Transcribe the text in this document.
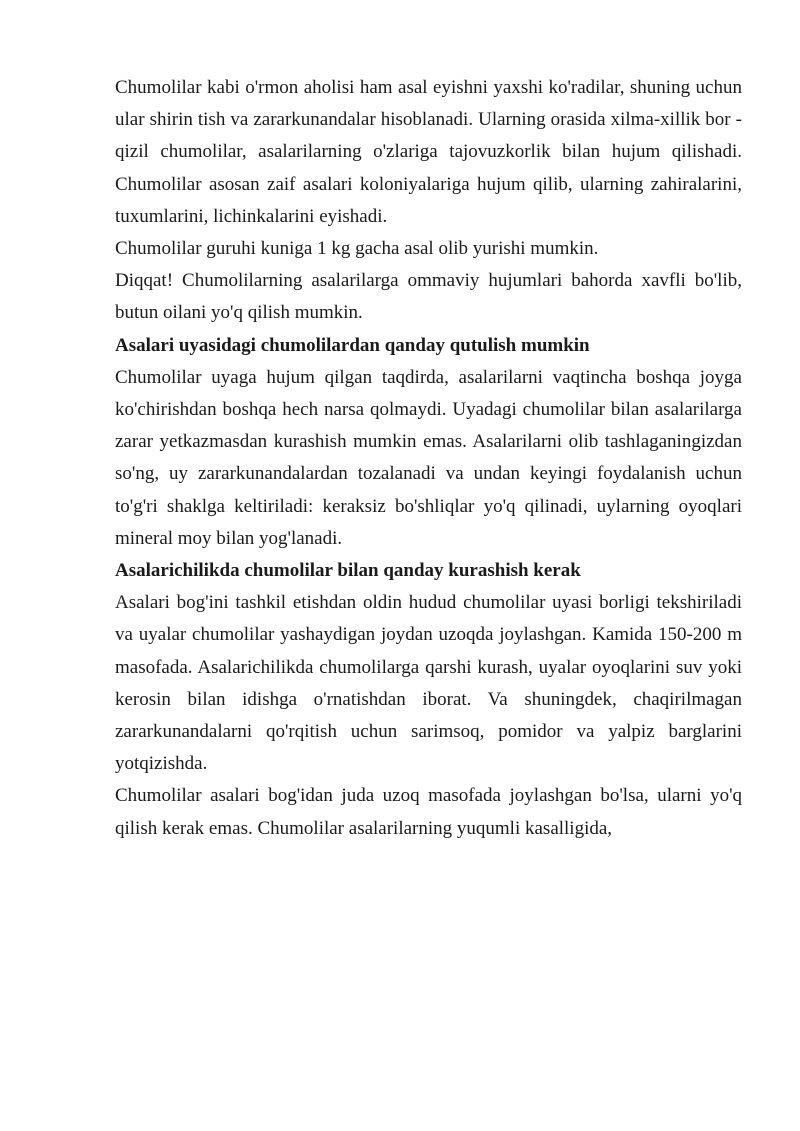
Chumolilar kabi o'rmon aholisi ham asal eyishni yaxshi ko'radilar, shuning uchun ular shirin tish va zararkunandalar hisoblanadi. Ularning orasida xilma-xillik bor - qizil chumolilar, asalarilarning o'zlariga tajovuzkorlik bilan hujum qilishadi. Chumolilar asosan zaif asalari koloniyalariga hujum qilib, ularning zahiralarini, tuxumlarini, lichinkalarini eyishadi.

Chumolilar guruhi kuniga 1 kg gacha asal olib yurishi mumkin.

Diqqat! Chumolilarning asalarilarga ommaviy hujumlari bahorda xavfli bo'lib, butun oilani yo'q qilish mumkin.

Asalari uyasidagi chumolilardan qanday qutulish mumkin

Chumolilar uyaga hujum qilgan taqdirda, asalarilarni vaqtincha boshqa joyga ko'chirishdan boshqa hech narsa qolmaydi. Uyadagi chumolilar bilan asalarilarga zarar yetkazmasdan kurashish mumkin emas. Asalarilarni olib tashlaganingizdan so'ng, uy zararkunandalardan tozalanadi va undan keyingi foydalanish uchun to'g'ri shaklga keltiriladi: keraksiz bo'shliqlar yo'q qilinadi, uylarning oyoqlari mineral moy bilan yog'lanadi.

Asalarichilikda chumolilar bilan qanday kurashish kerak

Asalari bog'ini tashkil etishdan oldin hudud chumolilar uyasi borligi tekshiriladi va uyalar chumolilar yashaydigan joydan uzoqda joylashgan. Kamida 150-200 m masofada. Asalarichilikda chumolilarga qarshi kurash, uyalar oyoqlarini suv yoki kerosin bilan idishga o'rnatishdan iborat. Va shuningdek, chaqirilmagan zararkunandalarni qo'rqitish uchun sarimsoq, pomidor va yalpiz barglarini yotqizishda.

Chumolilar asalari bog'idan juda uzoq masofada joylashgan bo'lsa, ularni yo'q qilish kerak emas. Chumolilar asalarilarning yuqumli kasalligida,
